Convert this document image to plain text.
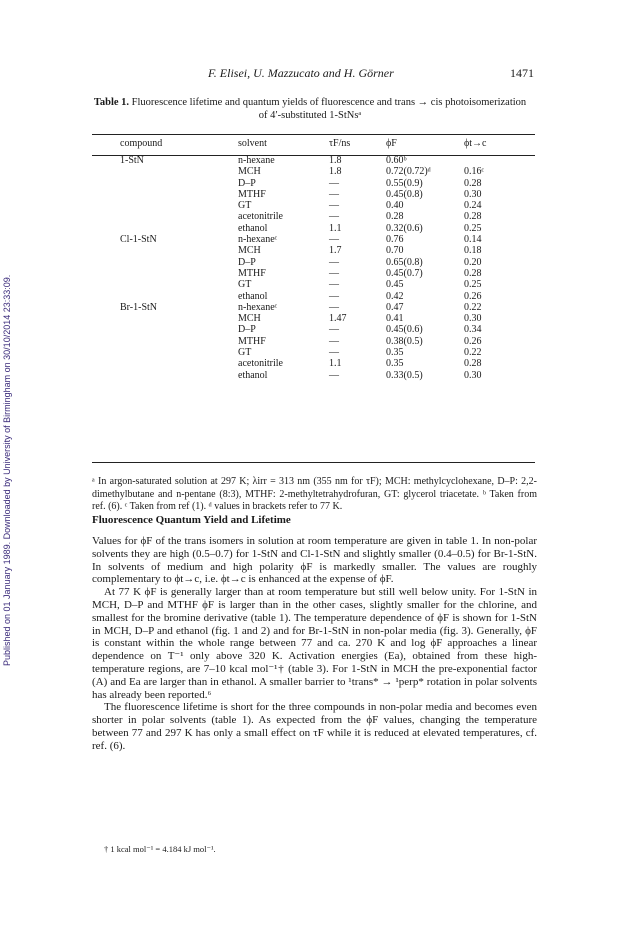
Published on 01 January 1989. Downloaded by University of Birmingham on 30/10/2014 23:33:09.
F. Elisei, U. Mazzucato and H. Görner	1471
Table 1. Fluorescence lifetime and quantum yields of fluorescence and trans → cis photoisomerization of 4′-substituted 1-StNsᵃ
compound	solvent	τF/ns	ϕF	ϕt→c
1-StN	n-hexane	1.8	0.60ᵇ	
	MCH	1.8	0.72(0.72)ᵈ	0.16ᶜ
	D–P	—	0.55(0.9)	0.28
	MTHF	—	0.45(0.8)	0.30
	GT	—	0.40	0.24
	acetonitrile	—	0.28	0.28
	ethanol	1.1	0.32(0.6)	0.25
Cl-1-StN	n-hexaneᶜ	—	0.76	0.14
	MCH	1.7	0.70	0.18
	D–P	—	0.65(0.8)	0.20
	MTHF	—	0.45(0.7)	0.28
	GT	—	0.45	0.25
	ethanol	—	0.42	0.26
Br-1-StN	n-hexaneᶜ	—	0.47	0.22
	MCH	1.47	0.41	0.30
	D–P	—	0.45(0.6)	0.34
	MTHF	—	0.38(0.5)	0.26
	GT	—	0.35	0.22
	acetonitrile	1.1	0.35	0.28
	ethanol	—	0.33(0.5)	0.30
ᵃ In argon-saturated solution at 297 K; λirr = 313 nm (355 nm for τF); MCH: methylcyclohexane, D–P: 2,2-dimethylbutane and n-pentane (8:3), MTHF: 2-methyltetrahydrofuran, GT: glycerol triacetate. ᵇ Taken from ref. (6). ᶜ Taken from ref (1). ᵈ values in brackets refer to 77 K.
Fluorescence Quantum Yield and Lifetime

Values for ϕF of the trans isomers in solution at room temperature are given in table 1. In non-polar solvents they are high (0.5–0.7) for 1-StN and Cl-1-StN and slightly smaller (0.4–0.5) for Br-1-StN. In solvents of medium and high polarity ϕF is markedly smaller. The values are roughly complementary to ϕt→c, i.e. ϕt→c is enhanced at the expense of ϕF.

At 77 K ϕF is generally larger than at room temperature but still well below unity. For 1-StN in MCH, D–P and MTHF ϕF is larger than in the other cases, slightly smaller for the chlorine, and smallest for the bromine derivative (table 1). The temperature dependence of ϕF is shown for 1-StN in MCH, D–P and ethanol (fig. 1 and 2) and for Br-1-StN in non-polar media (fig. 3). Generally, ϕF is constant within the whole range between 77 and ca. 270 K and log ϕF approaches a linear dependence on T⁻¹ only above 320 K. Activation energies (Ea), obtained from these high-temperature regions, are 7–10 kcal mol⁻¹† (table 3). For 1-StN in MCH the pre-exponential factor (A) and Ea are larger than in ethanol. A smaller barrier to ¹trans* → ¹perp* rotation in polar solvents has already been reported.⁶

The fluorescence lifetime is short for the three compounds in non-polar media and becomes even shorter in polar solvents (table 1). As expected from the ϕF values, changing the temperature between 77 and 297 K has only a small effect on τF while it is reduced at elevated temperatures, cf. ref. (6).

† 1 kcal mol⁻¹ = 4.184 kJ mol⁻¹.
